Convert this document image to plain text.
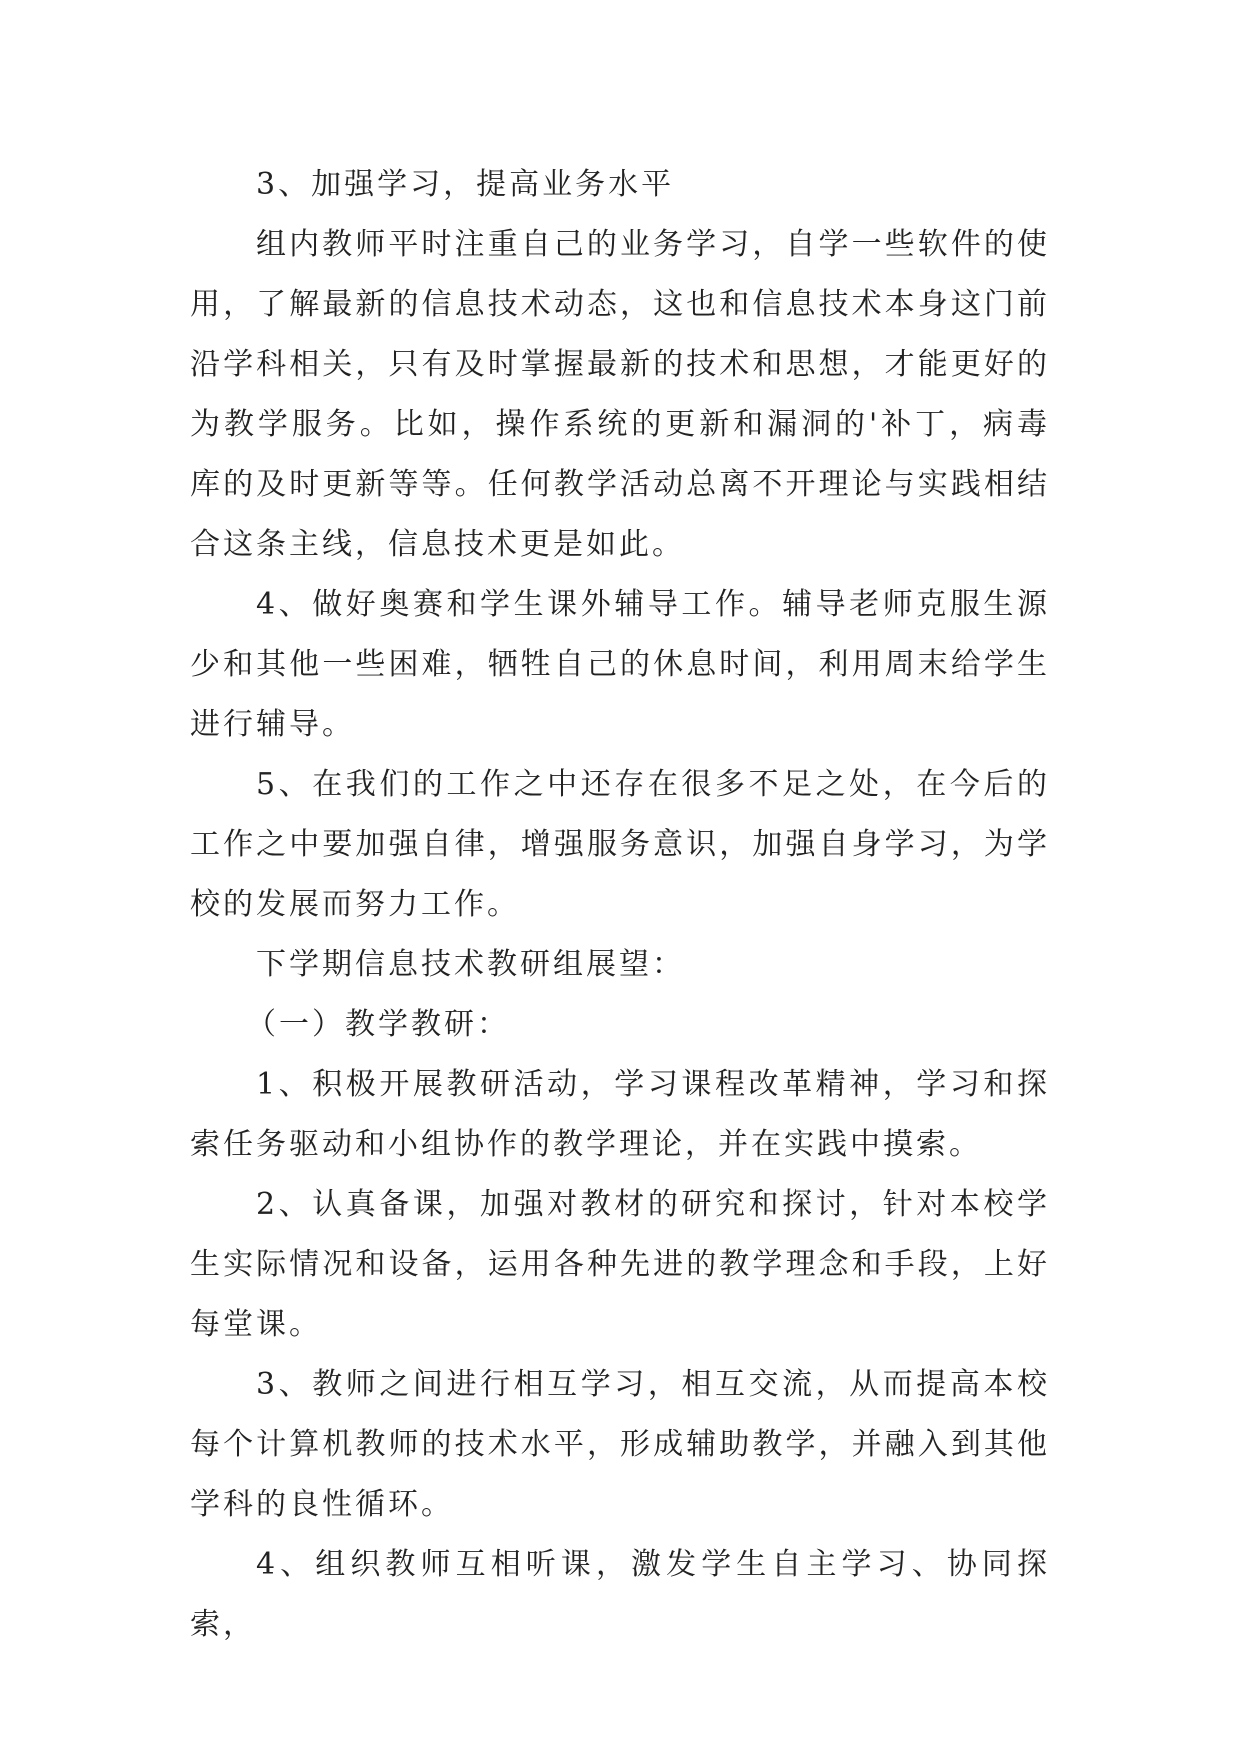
3、加强学习，提高业务水平

组内教师平时注重自己的业务学习，自学一些软件的使用，了解最新的信息技术动态，这也和信息技术本身这门前沿学科相关，只有及时掌握最新的技术和思想，才能更好的为教学服务。比如，操作系统的更新和漏洞的'补丁，病毒库的及时更新等等。任何教学活动总离不开理论与实践相结合这条主线，信息技术更是如此。

4、做好奥赛和学生课外辅导工作。辅导老师克服生源少和其他一些困难，牺牲自己的休息时间，利用周末给学生进行辅导。

5、在我们的工作之中还存在很多不足之处，在今后的工作之中要加强自律，增强服务意识，加强自身学习，为学校的发展而努力工作。

下学期信息技术教研组展望：

（一）教学教研：

1、积极开展教研活动，学习课程改革精神，学习和探索任务驱动和小组协作的教学理论，并在实践中摸索。

2、认真备课，加强对教材的研究和探讨，针对本校学生实际情况和设备，运用各种先进的教学理念和手段，上好每堂课。

3、教师之间进行相互学习，相互交流，从而提高本校每个计算机教师的技术水平，形成辅助教学，并融入到其他学科的良性循环。

4、组织教师互相听课，激发学生自主学习、协同探索，
